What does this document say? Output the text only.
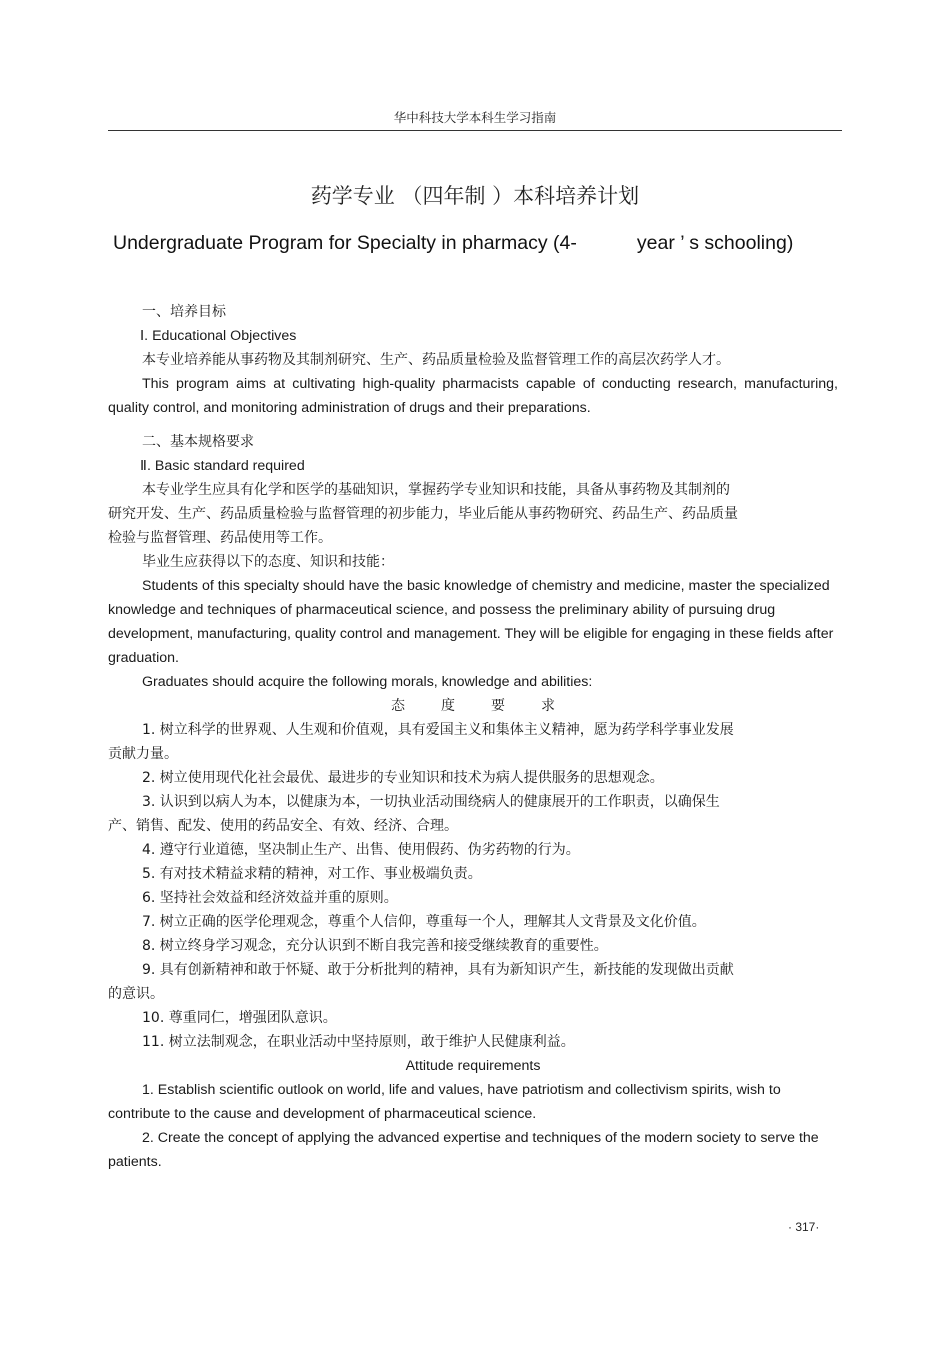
华中科技大学本科生学习指南
药学专业 （四年制 ）本科培养计划
Undergraduate Program for Specialty in pharmacy (4-	year ’ s schooling)

一、培养目标

Ⅰ. Educational Objectives

本专业培养能从事药物及其制剂研究、生产、药品质量检验及监督管理工作的高层次药学人才。

This program aims at cultivating high-quality pharmacists capable of conducting research, manufacturing, quality control, and monitoring administration of drugs and their preparations.

二、基本规格要求

Ⅱ. Basic standard required

本专业学生应具有化学和医学的基础知识，掌握药学专业知识和技能，具备从事药物及其制剂的研究开发、生产、药品质量检验与监督管理的初步能力，毕业后能从事药物研究、药品生产、药品质量检验与监督管理、药品使用等工作。

毕业生应获得以下的态度、知识和技能：

Students of this specialty should have the basic knowledge of chemistry and medicine, master the specialized knowledge and techniques of pharmaceutical science, and possess the preliminary ability of pursuing drug development, manufacturing, quality control and management. They will be eligible for engaging in these fields after graduation.

Graduates should acquire the following morals, knowledge and abilities:

态度要求

1. 树立科学的世界观、人生观和价值观，具有爱国主义和集体主义精神，愿为药学科学事业发展贡献力量。

2. 树立使用现代化社会最优、最进步的专业知识和技术为病人提供服务的思想观念。

3. 认识到以病人为本，以健康为本，一切执业活动围绕病人的健康展开的工作职责，以确保生产、销售、配发、使用的药品安全、有效、经济、合理。

4. 遵守行业道德，坚决制止生产、出售、使用假药、伪劣药物的行为。

5. 有对技术精益求精的精神，对工作、事业极端负责。

6. 坚持社会效益和经济效益并重的原则。

7. 树立正确的医学伦理观念，尊重个人信仰，尊重每一个人，理解其人文背景及文化价值。

8. 树立终身学习观念，充分认识到不断自我完善和接受继续教育的重要性。

9. 具有创新精神和敢于怀疑、敢于分析批判的精神，具有为新知识产生，新技能的发现做出贡献的意识。

10. 尊重同仁，增强团队意识。

11. 树立法制观念，在职业活动中坚持原则，敢于维护人民健康利益。

Attitude requirements

1. Establish scientific outlook on world, life and values, have patriotism and collectivism spirits, wish to contribute to the cause and development of pharmaceutical science.

2. Create the concept of applying the advanced expertise and techniques of the modern society to serve the patients.

· 317·
